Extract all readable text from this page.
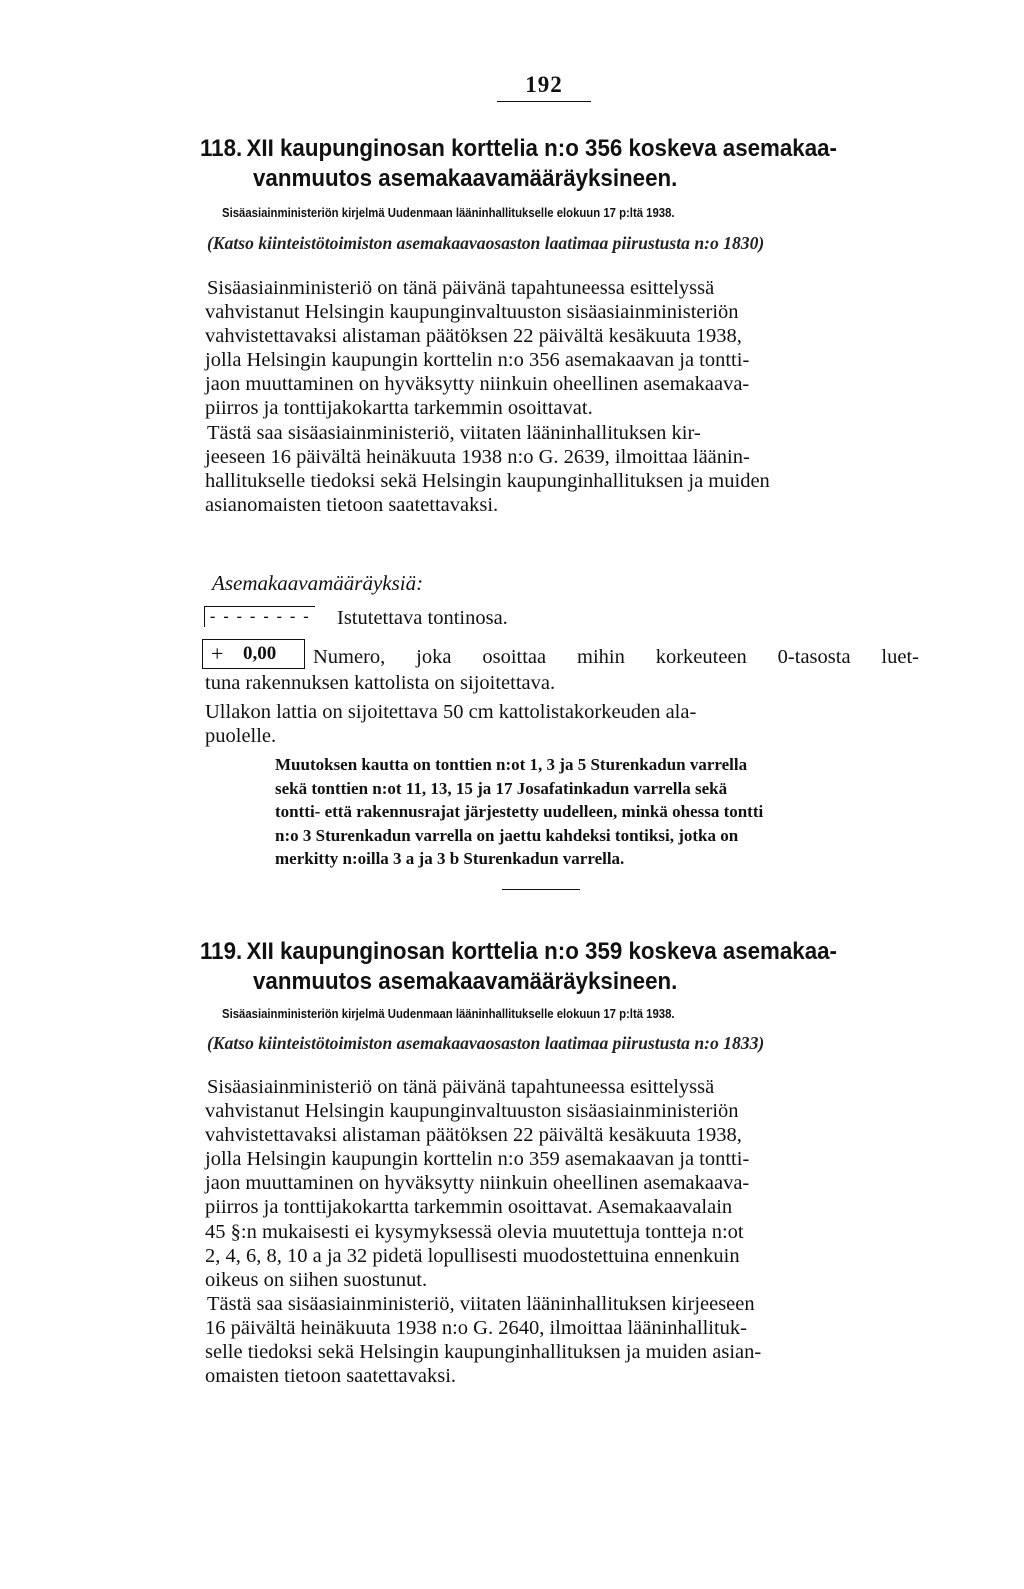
192
118. XII kaupunginosan korttelia n:o 356 koskeva asemakaa-
vanmuutos asemakaavamääräyksineen.
Sisäasiainministeriön kirjelmä Uudenmaan lääninhallitukselle elokuun 17 p:ltä 1938.
(Katso kiinteistötoimiston asemakaavaosaston laatimaa piirustusta n:o 1830)

Sisäasiainministeriö on tänä päivänä tapahtuneessa esittelyssä

vahvistanut Helsingin kaupunginvaltuuston sisäasiainministeriön

vahvistettavaksi alistaman päätöksen 22 päivältä kesäkuuta 1938,

jolla Helsingin kaupungin korttelin n:o 356 asemakaavan ja tontti-

jaon muuttaminen on hyväksytty niinkuin oheellinen asemakaava-

piirros ja tonttijakokartta tarkemmin osoittavat.

Tästä saa sisäasiainministeriö, viitaten lääninhallituksen kir-

jeeseen 16 päivältä heinäkuuta 1938 n:o G. 2639, ilmoittaa läänin-

hallitukselle tiedoksi sekä Helsingin kaupunginhallituksen ja muiden

asianomaisten tietoon saatettavaksi.

Asemakaavamääräyksiä:
- - - - - - - - Istutettava tontinosa.
+ 0,00 Numero, joka osoittaa mihin korkeuteen 0-tasosta luet-
tuna rakennuksen kattolista on sijoitettava.

Ullakon lattia on sijoitettava 50 cm kattolistakorkeuden ala-

puolelle.

Muutoksen kautta on tonttien n:ot 1, 3 ja 5 Sturenkadun varrella

sekä tonttien n:ot 11, 13, 15 ja 17 Josafatinkadun varrella sekä

tontti- että rakennusrajat järjestetty uudelleen, minkä ohessa tontti

n:o 3 Sturenkadun varrella on jaettu kahdeksi tontiksi, jotka on

merkitty n:oilla 3 a ja 3 b Sturenkadun varrella.

119. XII kaupunginosan korttelia n:o 359 koskeva asemakaa-
vanmuutos asemakaavamääräyksineen.
Sisäasiainministeriön kirjelmä Uudenmaan lääninhallitukselle elokuun 17 p:ltä 1938.
(Katso kiinteistötoimiston asemakaavaosaston laatimaa piirustusta n:o 1833)

Sisäasiainministeriö on tänä päivänä tapahtuneessa esittelyssä

vahvistanut Helsingin kaupunginvaltuuston sisäasiainministeriön

vahvistettavaksi alistaman päätöksen 22 päivältä kesäkuuta 1938,

jolla Helsingin kaupungin korttelin n:o 359 asemakaavan ja tontti-

jaon muuttaminen on hyväksytty niinkuin oheellinen asemakaava-

piirros ja tonttijakokartta tarkemmin osoittavat. Asemakaavalain

45 §:n mukaisesti ei kysymyksessä olevia muutettuja tontteja n:ot

2, 4, 6, 8, 10 a ja 32 pidetä lopullisesti muodostettuina ennenkuin

oikeus on siihen suostunut.

Tästä saa sisäasiainministeriö, viitaten lääninhallituksen kirjeeseen

16 päivältä heinäkuuta 1938 n:o G. 2640, ilmoittaa lääninhallituk-

selle tiedoksi sekä Helsingin kaupunginhallituksen ja muiden asian-

omaisten tietoon saatettavaksi.
